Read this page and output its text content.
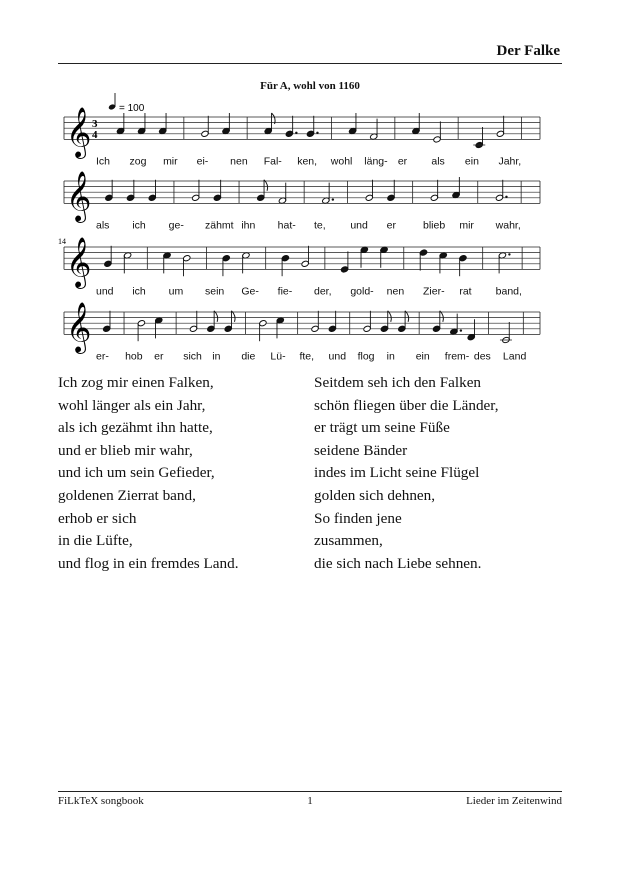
Der Falke
Für A, wohl von 1160
𝄞 3
4
= 100
Ich zog mir ei- nen Fal- ken, wohl läng- er als ein Jahr,
𝄞
als ich ge- zähmt ihn hat- te, und er	blieb mir wahr,
𝄞
14
und ich um sein Ge- fie- der, gold- nen Zier- rat band,
𝄞
er- hob er sich in die Lü- fte, und flog in ein frem- des Land
Ich zog mir einen Falken,
wohl länger als ein Jahr,
als ich gezähmt ihn hatte,
und er blieb mir wahr,
und ich um sein Gefieder,
goldenen Zierrat band,
erhob er sich
in die Lüfte,
und flog in ein fremdes Land.
Seitdem seh ich den Falken
schön fliegen über die Länder,
er trägt um seine Füße
seidene Bänder
indes im Licht seine Flügel
golden sich dehnen,
So finden jene
zusammen,
die sich nach Liebe sehnen.
FiLkTeX songbook	1	Lieder im Zeitenwind
